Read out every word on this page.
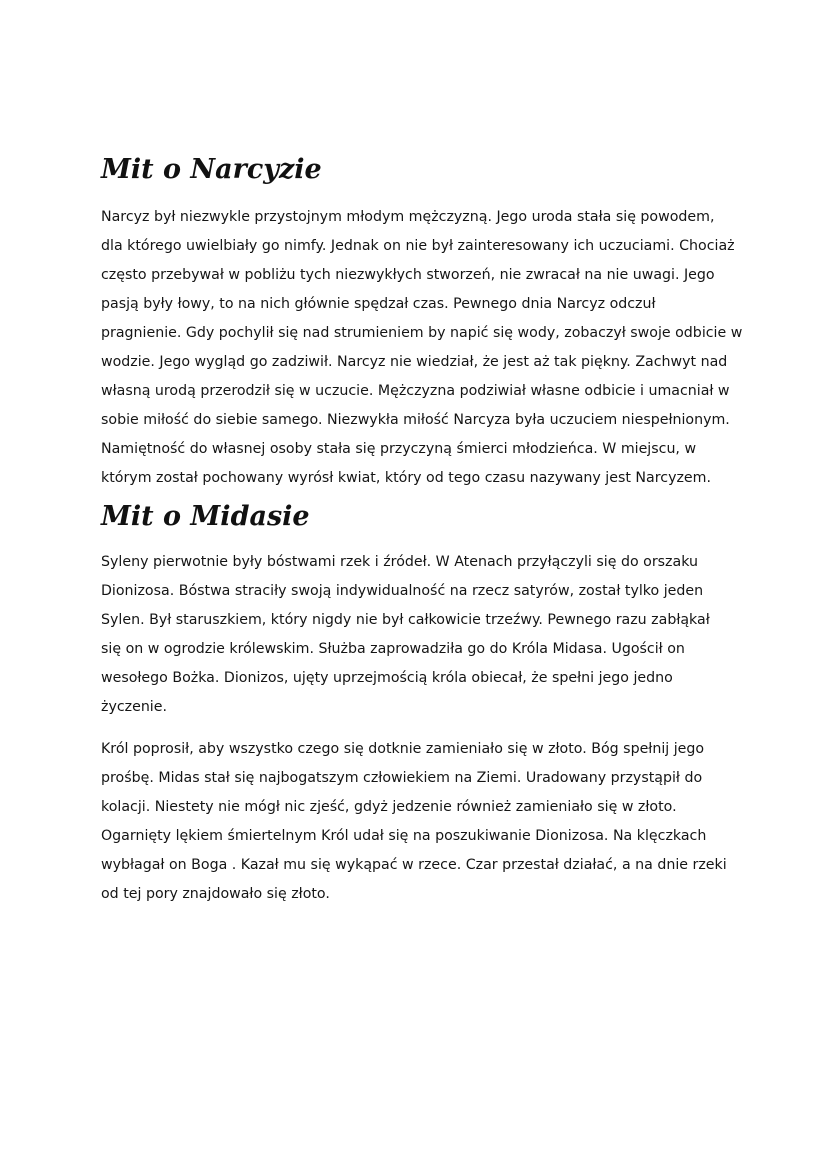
Mit o Narcyzie
Narcyz był niezwykle przystojnym młodym mężczyzną. Jego uroda stała się powodem,
dla którego uwielbiały go nimfy. Jednak on nie był zainteresowany ich uczuciami. Chociaż
często przebywał w pobliżu tych niezwykłych stworzeń, nie zwracał na nie uwagi. Jego
pasją były łowy, to na nich głównie spędzał czas. Pewnego dnia Narcyz odczuł
pragnienie. Gdy pochylił się nad strumieniem by napić się wody, zobaczył swoje odbicie w
wodzie. Jego wygląd go zadziwił. Narcyz nie wiedział, że jest aż tak piękny. Zachwyt nad
własną urodą przerodził się w uczucie. Mężczyzna podziwiał własne odbicie i umacniał w
sobie miłość do siebie samego. Niezwykła miłość Narcyza była uczuciem niespełnionym.
Namiętność do własnej osoby stała się przyczyną śmierci młodzieńca. W miejscu, w
którym został pochowany wyrósł kwiat, który od tego czasu nazywany jest Narcyzem.
Mit o Midasie
Syleny pierwotnie były bóstwami rzek i źródeł. W Atenach przyłączyli się do orszaku
Dionizosa. Bóstwa straciły swoją indywidualność na rzecz satyrów, został tylko jeden
Sylen. Był staruszkiem, który nigdy nie był całkowicie trzeźwy. Pewnego razu zabłąkał
się on w ogrodzie królewskim. Służba zaprowadziła go do Króla Midasa. Ugościł on
wesołego Bożka. Dionizos, ujęty uprzejmością króla obiecał, że spełni jego jedno
życzenie.
Król poprosił, aby wszystko czego się dotknie zamieniało się w złoto. Bóg spełnij jego
prośbę. Midas stał się najbogatszym człowiekiem na Ziemi. Uradowany przystąpił do
kolacji. Niestety nie mógł nic zjeść, gdyż jedzenie również zamieniało się w złoto.
Ogarnięty lękiem śmiertelnym Król udał się na poszukiwanie Dionizosa. Na klęczkach
wybłagał on Boga . Kazał mu się wykąpać w rzece. Czar przestał działać, a na dnie rzeki
od tej pory znajdowało się złoto.
